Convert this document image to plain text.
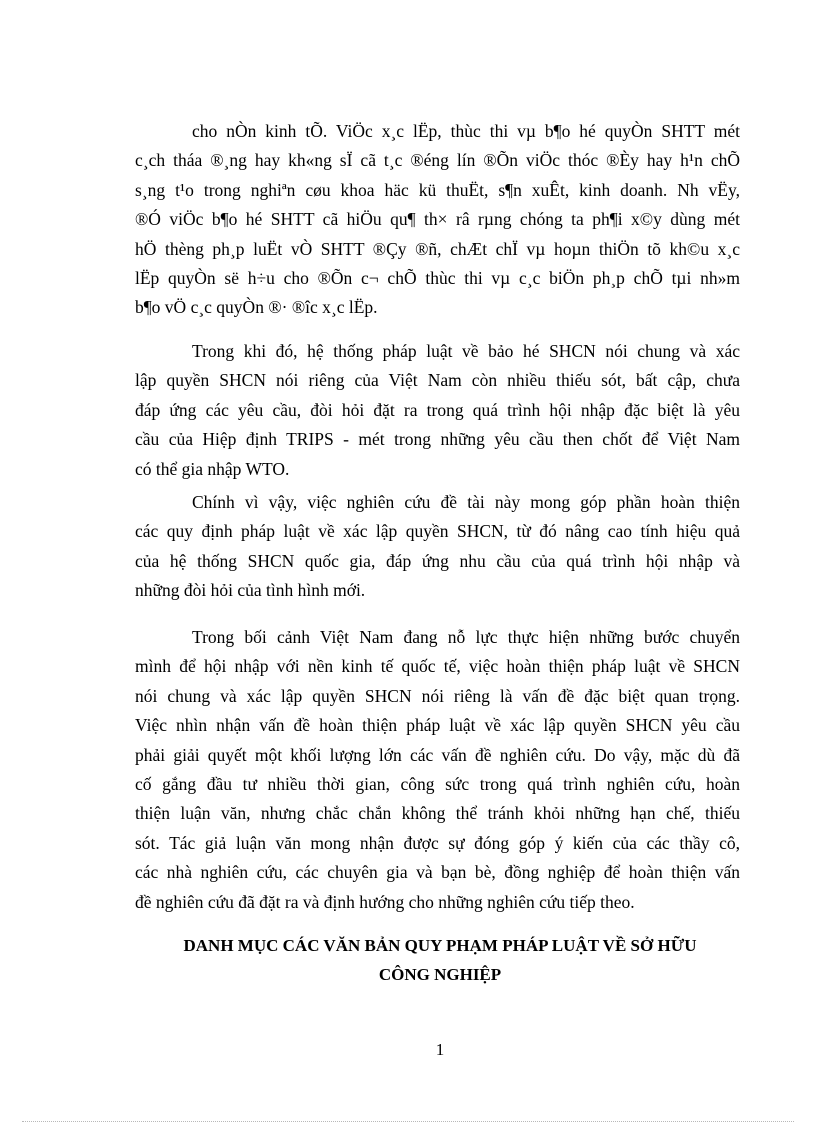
cho nÒn kinh tÕ. ViÖc x¸c lËp, thùc thi vµ b¶o hé quyÒn SHTT mét
c¸ch tháa ®¸ng hay kh«ng sÏ cã t¸c ®éng lín ®Õn viÖc thóc ®Èy hay h¹n chÕ
s¸ng t¹o trong nghiªn cøu khoa häc kü thuËt, s¶n xuÊt, kinh doanh. Nh vËy,
®Ó viÖc b¶o hé SHTT cã hiÖu qu¶ th× râ rµng chóng ta ph¶i x©y dùng mét
hÖ thèng ph¸p luËt vÒ SHTT ®Çy ®ñ, chÆt chÏ vµ hoµn thiÖn tõ kh©u x¸c
lËp quyÒn së h÷u cho ®Õn c¬ chÕ thùc thi vµ c¸c biÖn ph¸p chÕ tµi nh»m
b¶o vÖ c¸c quyÒn ®· ®îc x¸c lËp.
Trong khi đó, hệ thống pháp luật về bảo hé SHCN nói chung và xác
lập quyền SHCN nói riêng của Việt Nam còn nhiều thiếu sót, bất cập, chưa
đáp ứng các yêu cầu, đòi hỏi đặt ra trong quá trình hội nhập đặc biệt là yêu
cầu của Hiệp định TRIPS - mét trong những yêu cầu then chốt để Việt Nam
có thể gia nhập WTO.
Chính vì vậy, việc nghiên cứu đề tài này mong góp phần hoàn thiện
các quy định pháp luật về xác lập quyền SHCN, từ đó nâng cao tính hiệu quả
của hệ thống SHCN quốc gia, đáp ứng nhu cầu của quá trình hội nhập và
những đòi hỏi của tình hình mới.
Trong bối cảnh Việt Nam đang nỗ lực thực hiện những bước chuyển
mình để hội nhập với nền kinh tế quốc tế, việc hoàn thiện pháp luật về SHCN
nói chung và xác lập quyền SHCN nói riêng là vấn đề đặc biệt quan trọng.
Việc nhìn nhận vấn đề hoàn thiện pháp luật về xác lập quyền SHCN yêu cầu
phải giải quyết một khối lượng lớn các vấn đề nghiên cứu. Do vậy, mặc dù đã
cố gắng đầu tư nhiều thời gian, công sức trong quá trình nghiên cứu, hoàn
thiện luận văn, nhưng chắc chắn không thể tránh khỏi những hạn chế, thiếu
sót. Tác giả luận văn mong nhận được sự đóng góp ý kiến của các thầy cô,
các nhà nghiên cứu, các chuyên gia và bạn bè, đồng nghiệp để hoàn thiện vấn
đề nghiên cứu đã đặt ra và định hướng cho những nghiên cứu tiếp theo.
DANH MỤC CÁC VĂN BẢN QUY PHẠM PHÁP LUẬT VỀ SỞ HỮU
CÔNG NGHIỆP
1
